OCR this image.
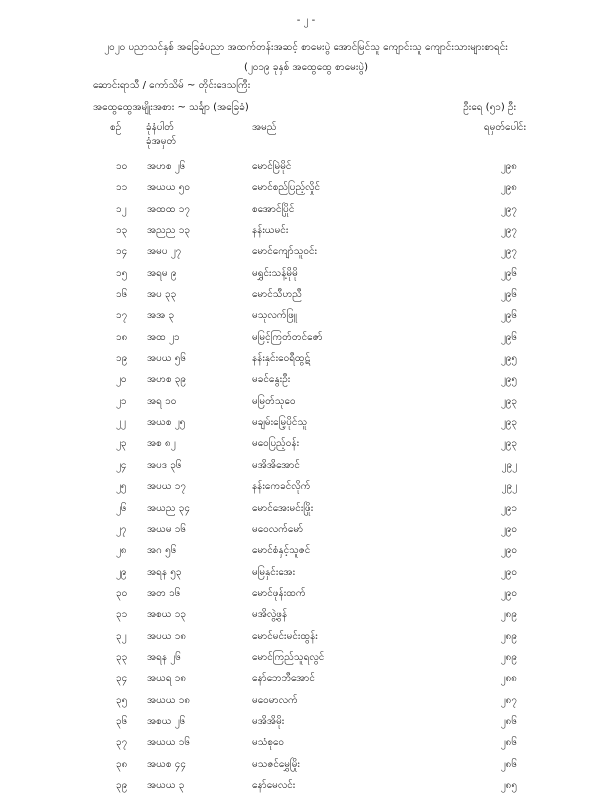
- ၂ -
၂၀၂၀ ပညာသင်နှစ် အခြေခံပညာ အထက်တန်းအဆင့် စာမေးပွဲ အောင်မြင်သူ ကျောင်းသူ ကျောင်းသားများစာရင်း
(၂၀၁၉ ခုနှစ် အထွေထွေ စာမေးပွဲ)
ဆောင်းရာသီ / ကော်သိမ် ~ တိုင်းဒေသကြီး
အထွေထွေအမျိုးအစား ~ သင်္ချာ (အခြေခံ)	ဦးရေ (၅၁) ဦး
စဉ် ခုံနံပါတ်
ခုံအမှတ်
အမည်	ရမှတ်ပေါင်း
၁၀ အဟစ ၂၆	မောင်မြဲမိုင်	၂၉၈
၁၁ အယယ ၅၀	မောင်စည်ပြည့်လှိုင်	၂၉၈
၁၂ အထထ ၁၇	စအောင်ပြိုင်	၂၉၇
၁၃ အညည ၁၃	နန်းယမင်း	၂၉၇
၁၄ အမပ ၂၇	မောင်ကျော်သူဝင်း	၂၉၇
၁၅ အရမ ၉	မရွှင်းသန့်မိုမို	၂၉၆
၁၆ အပ ၃၃	မောင်သီဟညီ	၂၉၆
၁၇ အအ ၃	မသုလက်ဖြူ	၂၉၆
၁၈ အထ ၂၁	မမြင့်ကြတ်တင်ဇော်	၂၉၆
၁၉ အပယ ၅၆	နန်းနှင်းဝေရီထွဋ်	၂၉၅
၂၀ အဟစ ၃၉	မခင်နွေးဦး	၂၉၅
၂၁ အရ ၁၀	မမြတ်သုဝေ	၂၉၃
၂၂ အယစ ၂၅	မချမ်းမြေ့ပိုင်သူ	၂၉၃
၂၃ အစ ၈၂	မဝေပြည့်ဝန်း	၂၉၃
၂၄ အပဒ ၃၆	မအိအိအောင်	၂၉၂
၂၅ အပယ ၁၇	နန်းကေခင်လိုက်	၂၉၂
၂၆ အယည ၃၄	မောင်အေးမင်းဖြိုး	၂၉၁
၂၇ အယမ ၁၆	မဝေလက်မော်	၂၉၀
၂၈ အဂ ၅၆	မောင်စံနှင့်သူဇင်	၂၉၀
၂၉ အရန ၅၃	မမြနှင်းအေး	၂၉၀
၃၀ အတ ၁၆	မောင်ဖုန်းထက်	၂၉၀
၃၁ အစယ ၁၃	မအိလွဲ့ဖွန်	၂၈၉
၃၂ အပယ ၁၈	မောင်မင်းမင်းထွန်း	၂၈၉
၃၃ အရန ၂၆	မောင်ကြည်သူရလွင်	၂၈၉
၃၄ အယရ ၁၈	နော်ဘေဘီအောင်	၂၈၈
၃၅ အယယ ၁၈	မဝေမာလက်	၂၈၇
၃၆ အစယ ၂၆	မအိအိမိုး	၂၈၆
၃၇ အယယ ၁၆	မသံစုဝေ	၂၈၆
၃၈ အယစ ၄၄	မသဇင်မွှေမြိုး	၂၈၆
၃၉ အယယ ၃	နော်မေလင်း	၂၈၅
